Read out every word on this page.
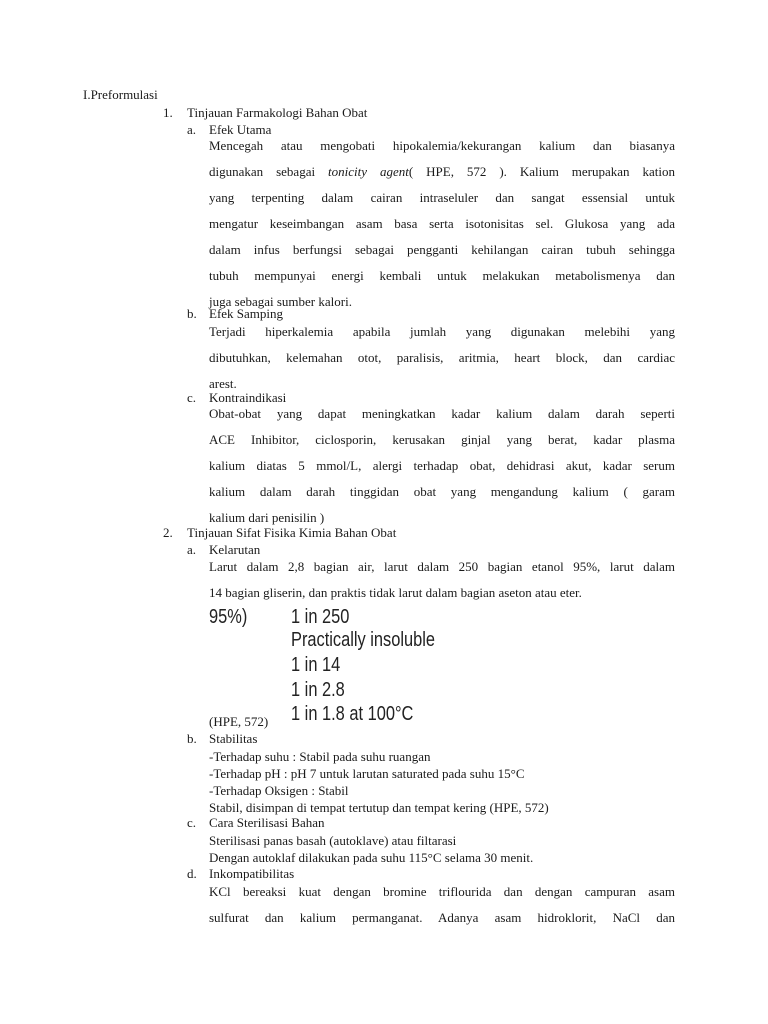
I.Preformulasi
1. Tinjauan Farmakologi Bahan Obat
a. Efek Utama
Mencegah atau mengobati hipokalemia/kekurangan kalium dan biasanya
digunakan sebagai tonicity agent( HPE, 572 ). Kalium merupakan kation
yang terpenting dalam cairan intraseluler dan sangat essensial untuk
mengatur keseimbangan asam basa serta isotonisitas sel. Glukosa yang ada
dalam infus berfungsi sebagai pengganti kehilangan cairan tubuh sehingga
tubuh mempunyai energi kembali untuk melakukan metabolismenya dan
juga sebagai sumber kalori.
b. Efek Samping
Terjadi hiperkalemia apabila jumlah yang digunakan melebihi yang
dibutuhkan, kelemahan otot, paralisis, aritmia, heart block, dan cardiac
arest.
c. Kontraindikasi
Obat-obat yang dapat meningkatkan kadar kalium dalam darah seperti
ACE Inhibitor, ciclosporin, kerusakan ginjal yang berat, kadar plasma
kalium diatas 5 mmol/L, alergi terhadap obat, dehidrasi akut, kadar serum
kalium dalam darah tinggidan obat yang mengandung kalium ( garam
kalium dari penisilin )
2. Tinjauan Sifat Fisika Kimia Bahan Obat
a. Kelarutan
Larut dalam 2,8 bagian air, larut dalam 250 bagian etanol 95%, larut dalam
14 bagian gliserin, dan praktis tidak larut dalam bagian aseton atau eter.
95%) 1 in 250
Practically insoluble
1 in 14
1 in 2.8
1 in 1.8 at 100°C
(HPE, 572)
b. Stabilitas
-Terhadap suhu : Stabil pada suhu ruangan
-Terhadap pH : pH 7 untuk larutan saturated pada suhu 15°C
-Terhadap Oksigen : Stabil
Stabil, disimpan di tempat tertutup dan tempat kering (HPE, 572)
c. Cara Sterilisasi Bahan
Sterilisasi panas basah (autoklave) atau filtarasi
Dengan autoklaf dilakukan pada suhu 115°C selama 30 menit.
d. Inkompatibilitas
KCl bereaksi kuat dengan bromine triflourida dan dengan campuran asam
sulfurat dan kalium permanganat. Adanya asam hidroklorit, NaCl dan
